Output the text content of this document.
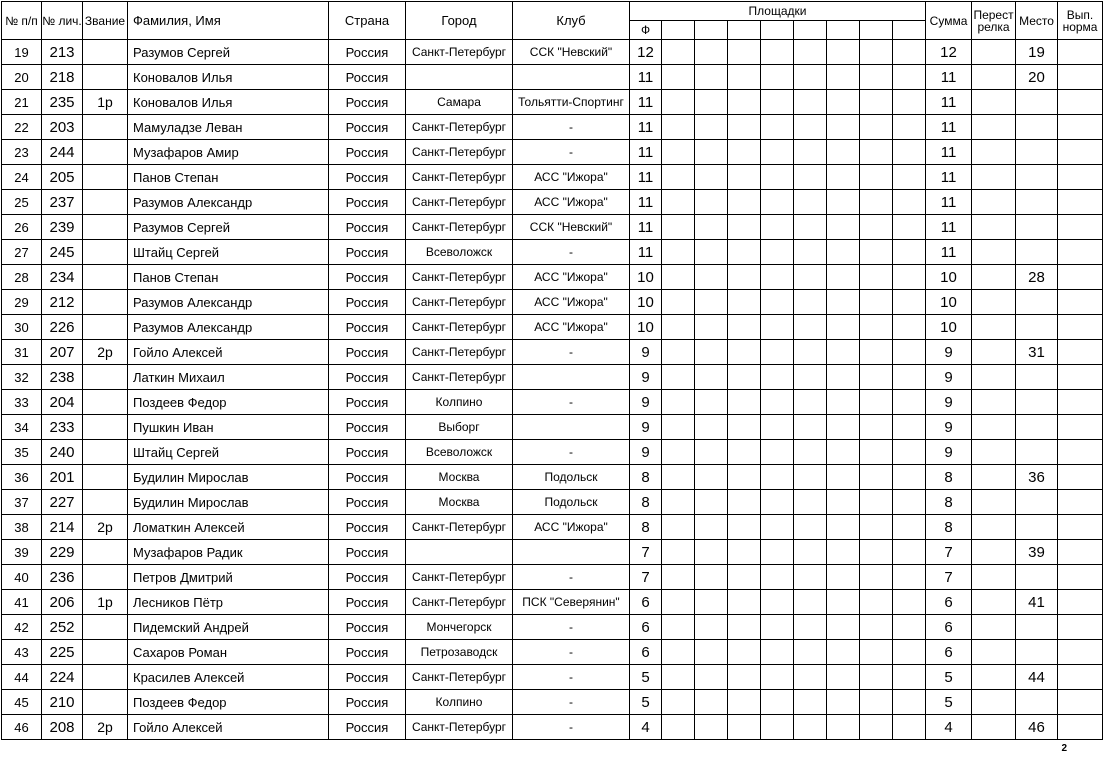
№ п/п	№ лич.	Звание	Фамилия, Имя	Страна	Город	Клуб	Площадки									Сумма	Перестрелка	Место	Вып. норма
							Ф												
19	213		Разумов Сергей	Россия	Санкт-Петербург	ССК "Невский"	12									12		19	
20	218		Коновалов Илья	Россия			11									11		20	
21	235	1р	Коновалов Илья	Россия	Самара	Тольятти-Спортинг	11									11			
22	203		Мамуладзе Леван	Россия	Санкт-Петербург	-	11									11			
23	244		Музафаров Амир	Россия	Санкт-Петербург	-	11									11			
24	205		Панов Степан	Россия	Санкт-Петербург	АСС "Ижора"	11									11			
25	237		Разумов Александр	Россия	Санкт-Петербург	АСС "Ижора"	11									11			
26	239		Разумов Сергей	Россия	Санкт-Петербург	ССК "Невский"	11									11			
27	245		Штайц Сергей	Россия	Всеволожск	-	11									11			
28	234		Панов Степан	Россия	Санкт-Петербург	АСС "Ижора"	10									10		28	
29	212		Разумов Александр	Россия	Санкт-Петербург	АСС "Ижора"	10									10			
30	226		Разумов Александр	Россия	Санкт-Петербург	АСС "Ижора"	10									10			
31	207	2р	Гойло Алексей	Россия	Санкт-Петербург	-	9									9		31	
32	238		Латкин Михаил	Россия	Санкт-Петербург		9									9			
33	204		Поздеев Федор	Россия	Колпино	-	9									9			
34	233		Пушкин Иван	Россия	Выборг		9									9			
35	240		Штайц Сергей	Россия	Всеволожск	-	9									9			
36	201		Будилин Мирослав	Россия	Москва	Подольск	8									8		36	
37	227		Будилин Мирослав	Россия	Москва	Подольск	8									8			
38	214	2р	Ломаткин Алексей	Россия	Санкт-Петербург	АСС "Ижора"	8									8			
39	229		Музафаров Радик	Россия			7									7		39	
40	236		Петров Дмитрий	Россия	Санкт-Петербург	-	7									7			
41	206	1р	Лесников Пётр	Россия	Санкт-Петербург	ПСК "Северянин"	6									6		41	
42	252		Пидемский Андрей	Россия	Мончегорск	-	6									6			
43	225		Сахаров Роман	Россия	Петрозаводск	-	6									6			
44	224		Красилев Алексей	Россия	Санкт-Петербург	-	5									5		44	
45	210		Поздеев Федор	Россия	Колпино	-	5									5			
46	208	2р	Гойло Алексей	Россия	Санкт-Петербург	-	4									4		46	
2
